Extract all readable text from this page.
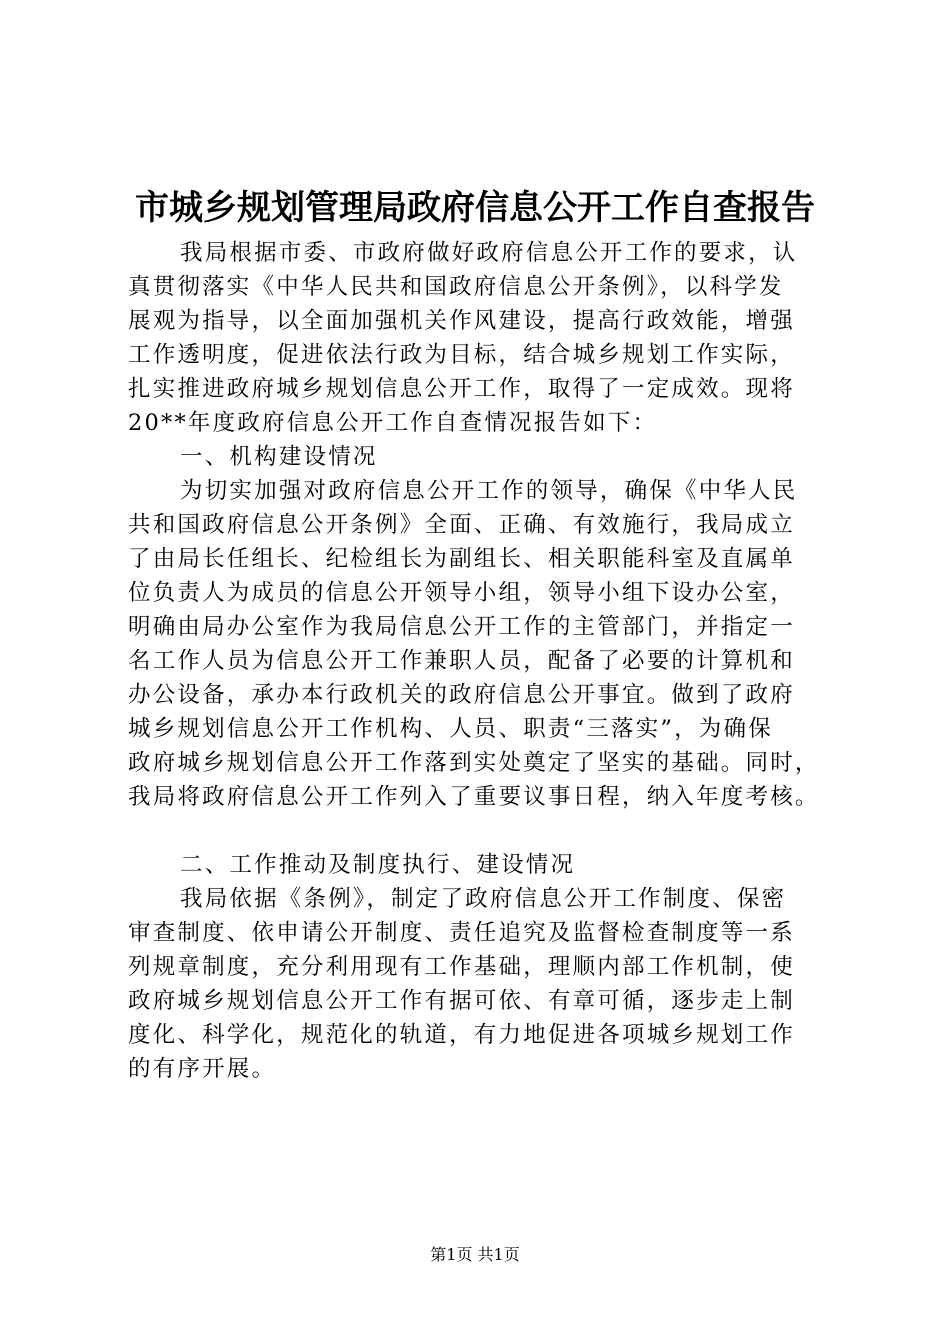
市城乡规划管理局政府信息公开工作自查报告
我局根据市委、市政府做好政府信息公开工作的要求，认
真贯彻落实《中华人民共和国政府信息公开条例》，以科学发
展观为指导，以全面加强机关作风建设，提高行政效能，增强
工作透明度，促进依法行政为目标，结合城乡规划工作实际，
扎实推进政府城乡规划信息公开工作，取得了一定成效。现将
20**年度政府信息公开工作自查情况报告如下：
一、机构建设情况
为切实加强对政府信息公开工作的领导，确保《中华人民
共和国政府信息公开条例》全面、正确、有效施行，我局成立
了由局长任组长、纪检组长为副组长、相关职能科室及直属单
位负责人为成员的信息公开领导小组，领导小组下设办公室，
明确由局办公室作为我局信息公开工作的主管部门，并指定一
名工作人员为信息公开工作兼职人员，配备了必要的计算机和
办公设备，承办本行政机关的政府信息公开事宜。做到了政府
城乡规划信息公开工作机构、人员、职责“三落实”，为确保
政府城乡规划信息公开工作落到实处奠定了坚实的基础。同时，
我局将政府信息公开工作列入了重要议事日程，纳入年度考核。
二、工作推动及制度执行、建设情况
我局依据《条例》，制定了政府信息公开工作制度、保密
审查制度、依申请公开制度、责任追究及监督检查制度等一系
列规章制度，充分利用现有工作基础，理顺内部工作机制，使
政府城乡规划信息公开工作有据可依、有章可循，逐步走上制
度化、科学化，规范化的轨道，有力地促进各项城乡规划工作
的有序开展。
第1页 共1页
